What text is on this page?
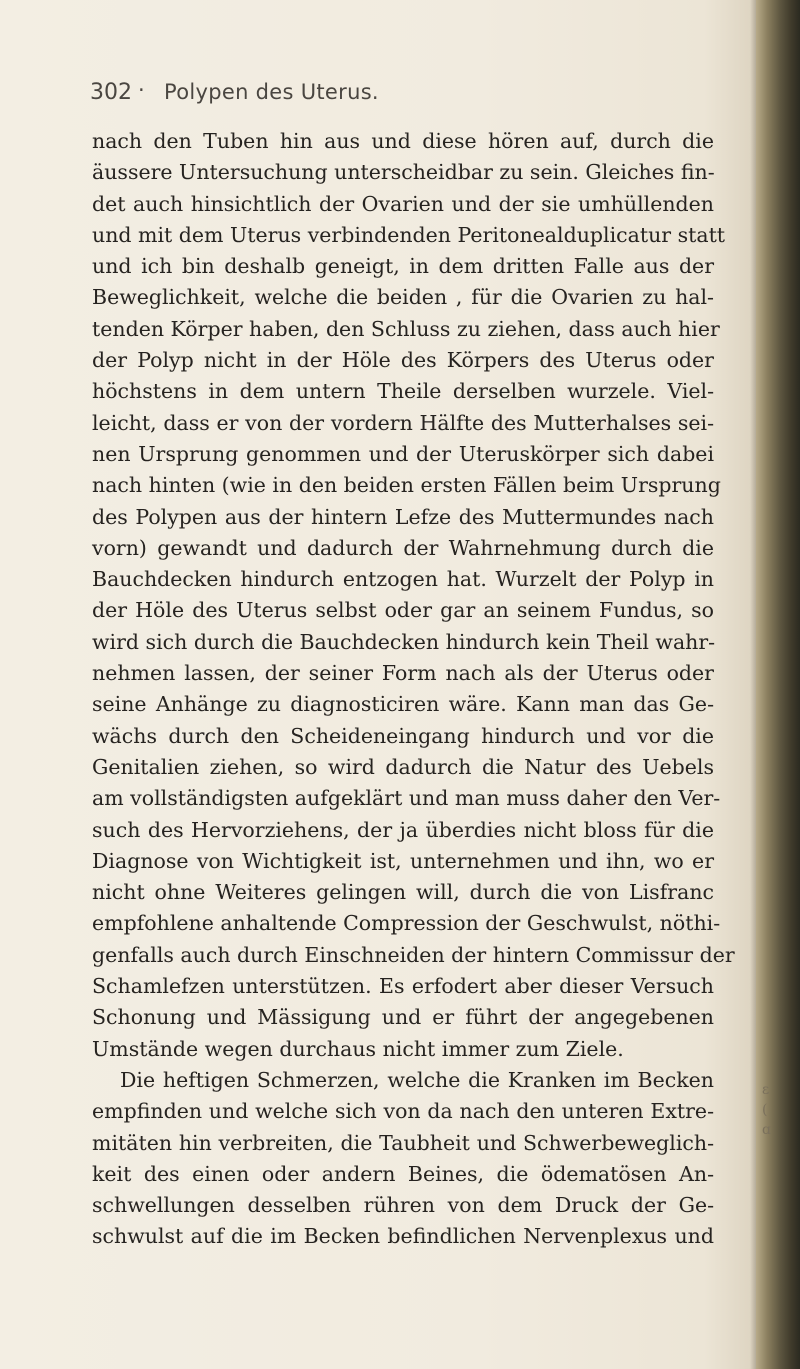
302 · Polypen des Uterus.
nach den Tuben hin aus und diese hören auf, durch die
äussere Untersuchung unterscheidbar zu sein. Gleiches fin-
det auch hinsichtlich der Ovarien und der sie umhüllenden
und mit dem Uterus verbindenden Peritonealduplicatur statt
und ich bin deshalb geneigt, in dem dritten Falle aus der
Beweglichkeit, welche die beiden , für die Ovarien zu hal-
tenden Körper haben, den Schluss zu ziehen, dass auch hier
der Polyp nicht in der Höle des Körpers des Uterus oder
höchstens in dem untern Theile derselben wurzele. Viel-
leicht, dass er von der vordern Hälfte des Mutterhalses sei-
nen Ursprung genommen und der Uteruskörper sich dabei
nach hinten (wie in den beiden ersten Fällen beim Ursprung
des Polypen aus der hintern Lefze des Muttermundes nach
vorn) gewandt und dadurch der Wahrnehmung durch die
Bauchdecken hindurch entzogen hat. Wurzelt der Polyp in
der Höle des Uterus selbst oder gar an seinem Fundus, so
wird sich durch die Bauchdecken hindurch kein Theil wahr-
nehmen lassen, der seiner Form nach als der Uterus oder
seine Anhänge zu diagnosticiren wäre. Kann man das Ge-
wächs durch den Scheideneingang hindurch und vor die
Genitalien ziehen, so wird dadurch die Natur des Uebels
am vollständigsten aufgeklärt und man muss daher den Ver-
such des Hervorziehens, der ja überdies nicht bloss für die
Diagnose von Wichtigkeit ist, unternehmen und ihn, wo er
nicht ohne Weiteres gelingen will, durch die von Lisfranc
empfohlene anhaltende Compression der Geschwulst, nöthi-
genfalls auch durch Einschneiden der hintern Commissur der
Schamlefzen unterstützen. Es erfodert aber dieser Versuch
Schonung und Mässigung und er führt der angegebenen
Umstände wegen durchaus nicht immer zum Ziele.
Die heftigen Schmerzen, welche die Kranken im Becken
empfinden und welche sich von da nach den unteren Extre-
mitäten hin verbreiten, die Taubheit und Schwerbeweglich-
keit des einen oder andern Beines, die ödematösen An-
schwellungen desselben rühren von dem Druck der Ge-
schwulst auf die im Becken befindlichen Nervenplexus und
ɛ
(
ɑ
